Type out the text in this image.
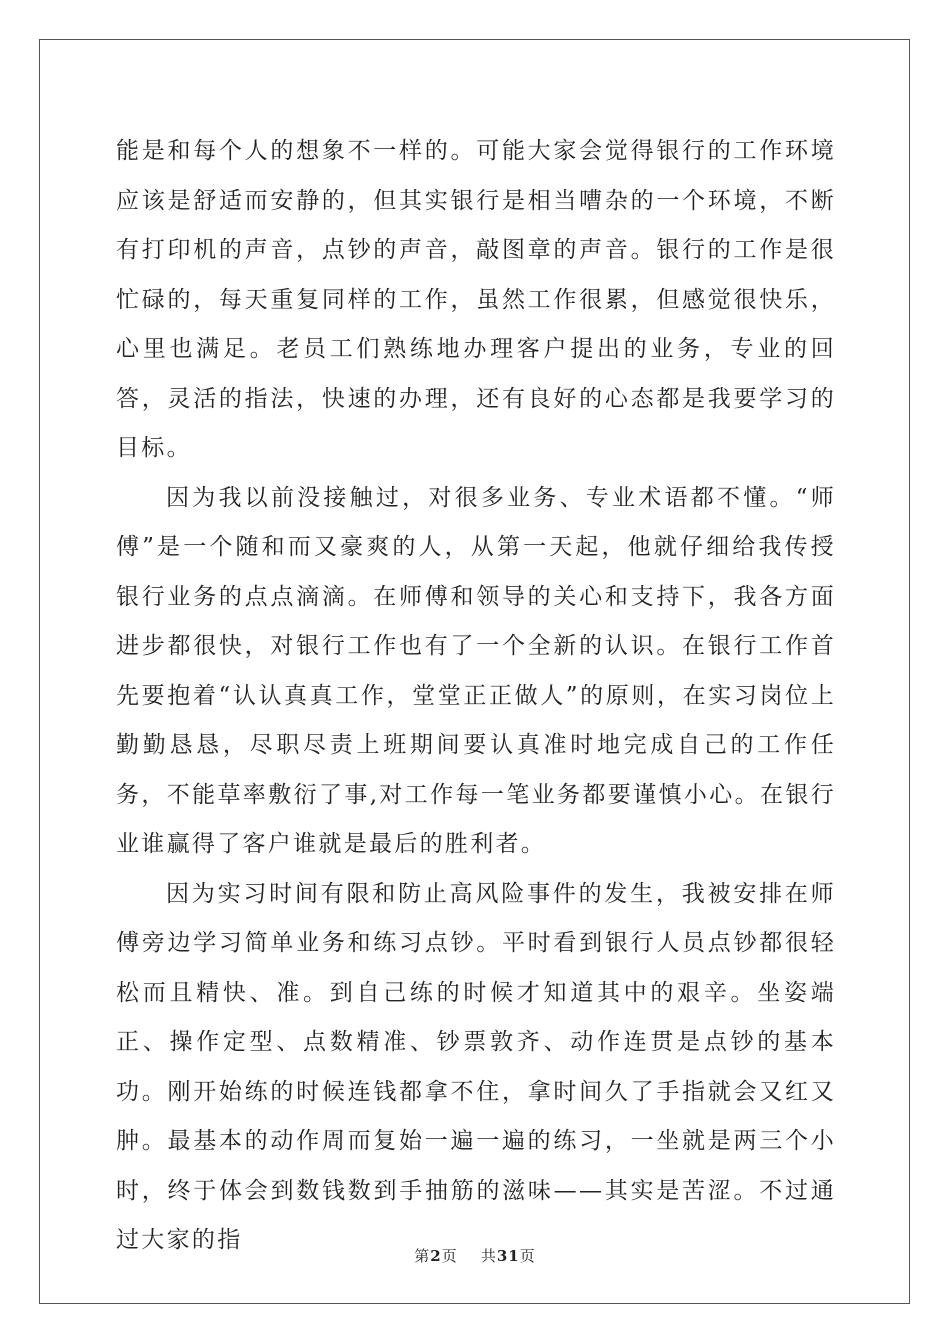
能是和每个人的想象不一样的。可能大家会觉得银行的工作环境应该是舒适而安静的，但其实银行是相当嘈杂的一个环境，不断有打印机的声音，点钞的声音，敲图章的声音。银行的工作是很忙碌的，每天重复同样的工作，虽然工作很累，但感觉很快乐，心里也满足。老员工们熟练地办理客户提出的业务，专业的回答，灵活的指法，快速的办理，还有良好的心态都是我要学习的目标。

因为我以前没接触过，对很多业务、专业术语都不懂。“师傅”是一个随和而又豪爽的人，从第一天起，他就仔细给我传授银行业务的点点滴滴。在师傅和领导的关心和支持下，我各方面进步都很快，对银行工作也有了一个全新的认识。在银行工作首先要抱着“认认真真工作，堂堂正正做人”的原则，在实习岗位上勤勤恳恳，尽职尽责上班期间要认真准时地完成自己的工作任务，不能草率敷衍了事,对工作每一笔业务都要谨慎小心。在银行业谁赢得了客户谁就是最后的胜利者。

因为实习时间有限和防止高风险事件的发生，我被安排在师傅旁边学习简单业务和练习点钞。平时看到银行人员点钞都很轻松而且精快、准。到自己练的时候才知道其中的艰辛。坐姿端正、操作定型、点数精准、钞票敦齐、动作连贯是点钞的基本功。刚开始练的时候连钱都拿不住，拿时间久了手指就会又红又肿。最基本的动作周而复始一遍一遍的练习，一坐就是两三个小时，终于体会到数钱数到手抽筋的滋味——其实是苦涩。不过通过大家的指

第2页 共31页
